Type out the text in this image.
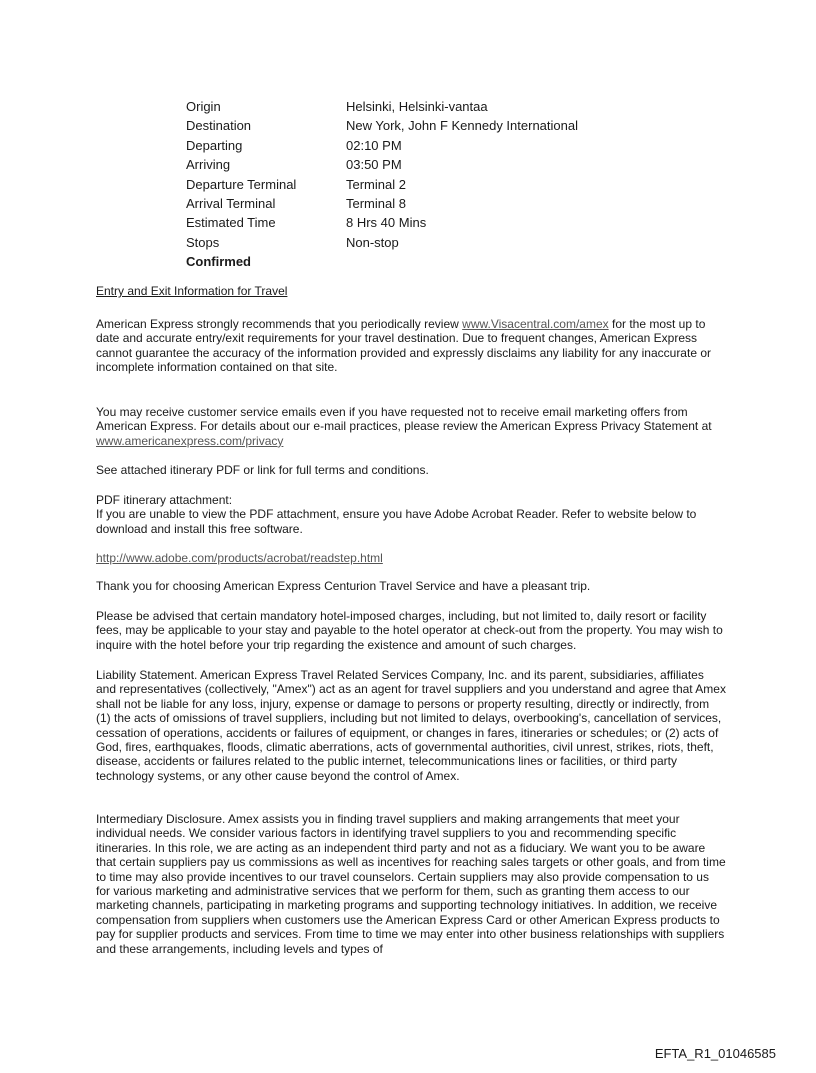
Origin	Helsinki, Helsinki-vantaa
Destination	New York, John F Kennedy International
Departing	02:10 PM
Arriving	03:50 PM
Departure Terminal	Terminal 2
Arrival Terminal	Terminal 8
Estimated Time	8 Hrs 40 Mins
Stops	Non-stop
Confirmed

Entry and Exit Information for Travel

American Express strongly recommends that you periodically review www.Visacentral.com/amex for the most up to date and accurate entry/exit requirements for your travel destination. Due to frequent changes, American Express cannot guarantee the accuracy of the information provided and expressly disclaims any liability for any inaccurate or incomplete information contained on that site.

You may receive customer service emails even if you have requested not to receive email marketing offers from American Express. For details about our e-mail practices, please review the American Express Privacy Statement at www.americanexpress.com/privacy

See attached itinerary PDF or link for full terms and conditions.

PDF itinerary attachment:

If you are unable to view the PDF attachment, ensure you have Adobe Acrobat Reader. Refer to website below to download and install this free software.

http://www.adobe.com/products/acrobat/readstep.html

Thank you for choosing American Express Centurion Travel Service and have a pleasant trip.

Please be advised that certain mandatory hotel-imposed charges, including, but not limited to, daily resort or facility fees, may be applicable to your stay and payable to the hotel operator at check-out from the property. You may wish to inquire with the hotel before your trip regarding the existence and amount of such charges.

Liability Statement. American Express Travel Related Services Company, Inc. and its parent, subsidiaries, affiliates and representatives (collectively, "Amex") act as an agent for travel suppliers and you understand and agree that Amex shall not be liable for any loss, injury, expense or damage to persons or property resulting, directly or indirectly, from (1) the acts of omissions of travel suppliers, including but not limited to delays, overbooking's, cancellation of services, cessation of operations, accidents or failures of equipment, or changes in fares, itineraries or schedules; or (2) acts of God, fires, earthquakes, floods, climatic aberrations, acts of governmental authorities, civil unrest, strikes, riots, theft, disease, accidents or failures related to the public internet, telecommunications lines or facilities, or third party technology systems, or any other cause beyond the control of Amex.

Intermediary Disclosure. Amex assists you in finding travel suppliers and making arrangements that meet your individual needs. We consider various factors in identifying travel suppliers to you and recommending specific itineraries. In this role, we are acting as an independent third party and not as a fiduciary. We want you to be aware that certain suppliers pay us commissions as well as incentives for reaching sales targets or other goals, and from time to time may also provide incentives to our travel counselors. Certain suppliers may also provide compensation to us for various marketing and administrative services that we perform for them, such as granting them access to our marketing channels, participating in marketing programs and supporting technology initiatives. In addition, we receive compensation from suppliers when customers use the American Express Card or other American Express products to pay for supplier products and services. From time to time we may enter into other business relationships with suppliers and these arrangements, including levels and types of

EFTA_R1_01046585
